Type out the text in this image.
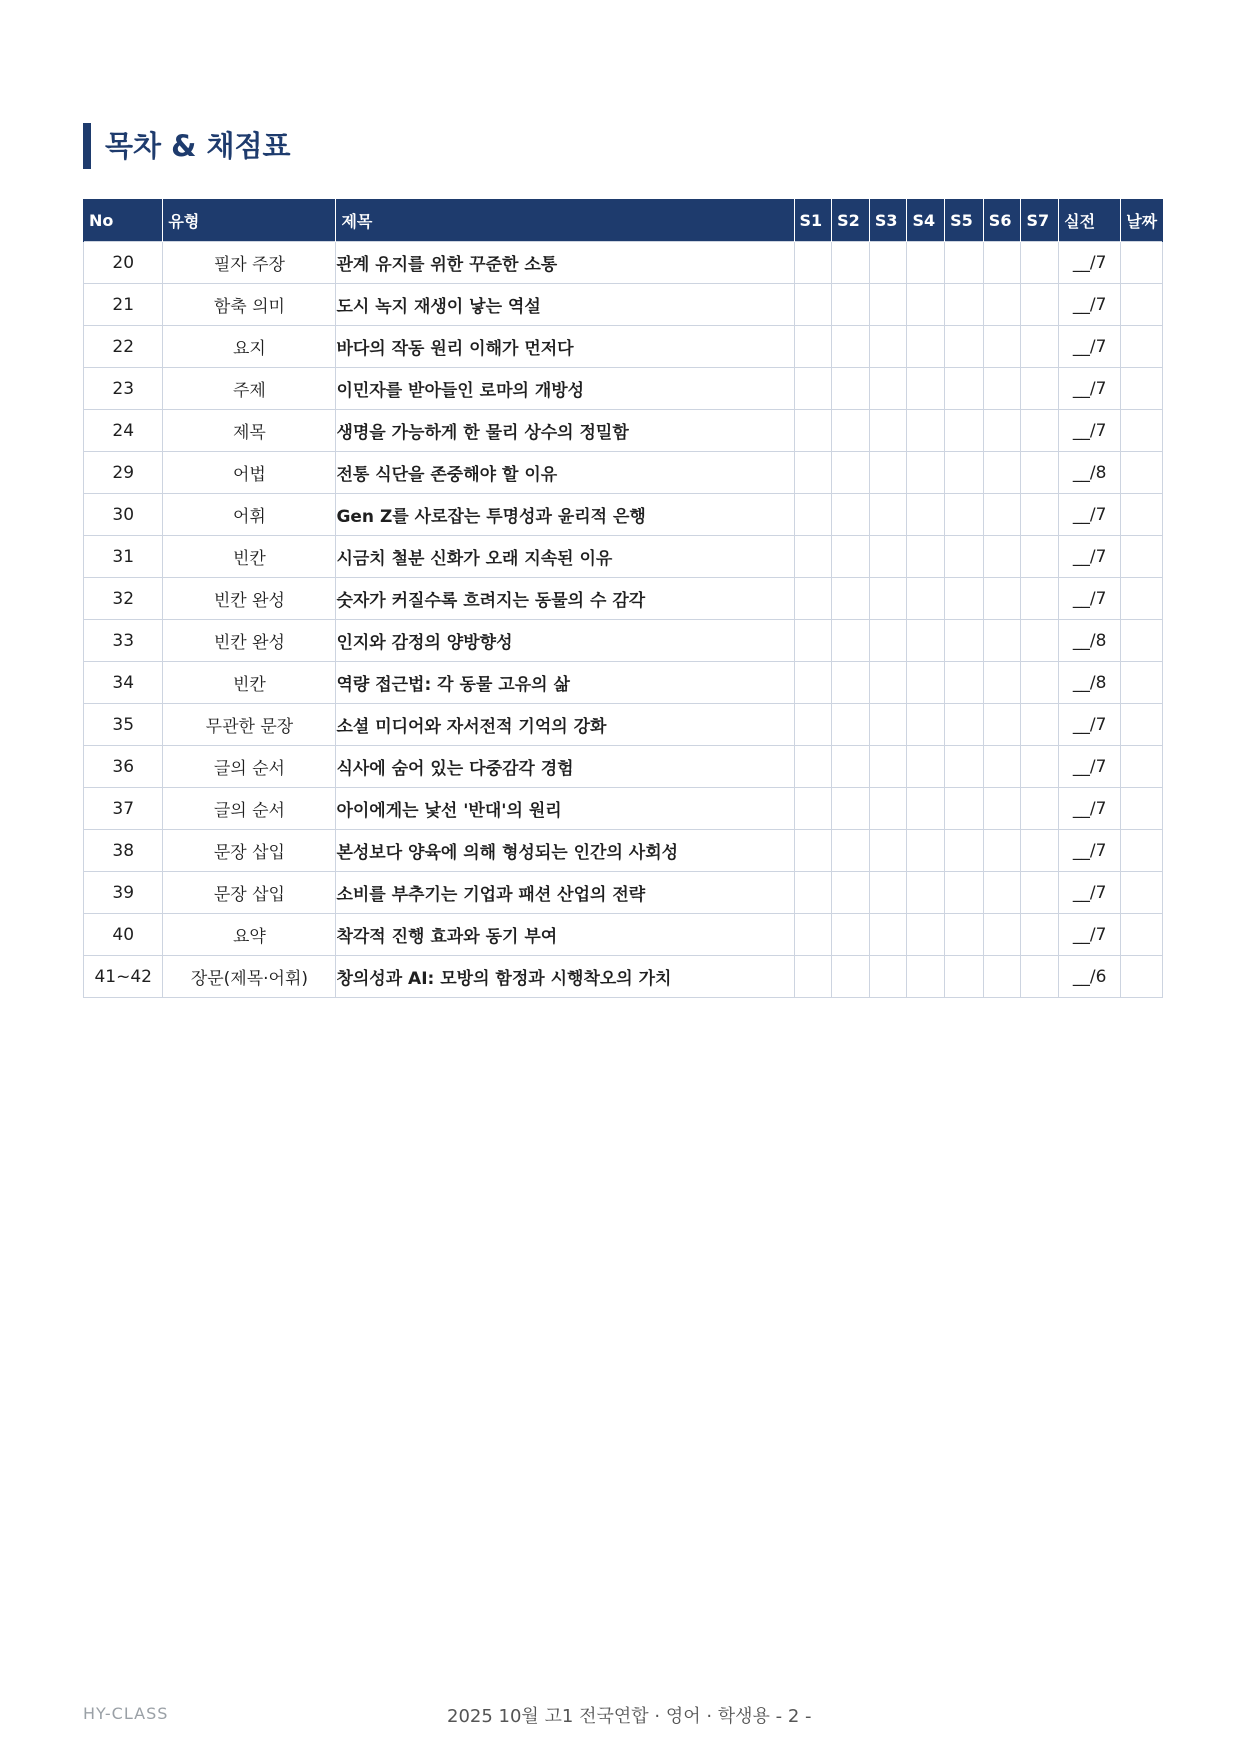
목차 & 채점표
No	유형	제목	S1	S2	S3	S4	S5	S6	S7	실전	날짜
20	필자 주장	관계 유지를 위한 꾸준한 소통								__/7	
21	함축 의미	도시 녹지 재생이 낳는 역설								__/7	
22	요지	바다의 작동 원리 이해가 먼저다								__/7	
23	주제	이민자를 받아들인 로마의 개방성								__/7	
24	제목	생명을 가능하게 한 물리 상수의 정밀함								__/7	
29	어법	전통 식단을 존중해야 할 이유								__/8	
30	어휘	Gen Z를 사로잡는 투명성과 윤리적 은행								__/7	
31	빈칸	시금치 철분 신화가 오래 지속된 이유								__/7	
32	빈칸 완성	숫자가 커질수록 흐려지는 동물의 수 감각								__/7	
33	빈칸 완성	인지와 감정의 양방향성								__/8	
34	빈칸	역량 접근법: 각 동물 고유의 삶								__/8	
35	무관한 문장	소셜 미디어와 자서전적 기억의 강화								__/7	
36	글의 순서	식사에 숨어 있는 다중감각 경험								__/7	
37	글의 순서	아이에게는 낯선 '반대'의 원리								__/7	
38	문장 삽입	본성보다 양육에 의해 형성되는 인간의 사회성								__/7	
39	문장 삽입	소비를 부추기는 기업과 패션 산업의 전략								__/7	
40	요약	착각적 진행 효과와 동기 부여								__/7	
41~42	장문(제목·어휘)	창의성과 AI: 모방의 함정과 시행착오의 가치								__/6	
HY-CLASS	2025 10월 고1 전국연합 · 영어 · 학생용 - 2 -
